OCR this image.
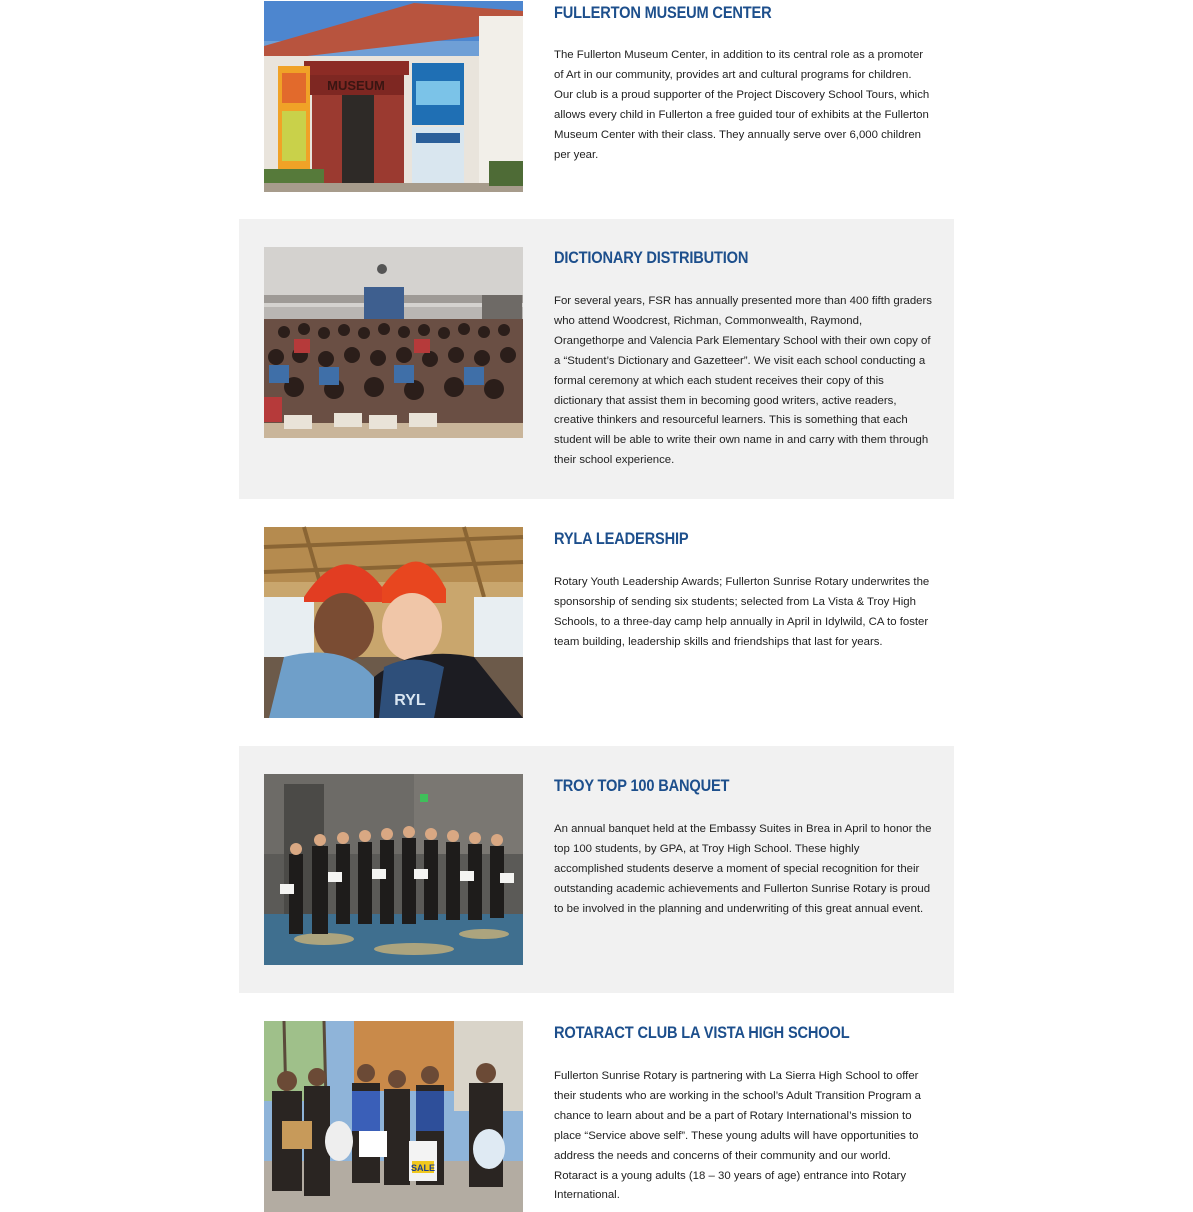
MUSEUM
FULLERTON MUSEUM CENTER

The Fullerton Museum Center, in addition to its central role as a promoter of Art in our community, provides art and cultural programs for children. Our club is a proud supporter of the Project Discovery School Tours, which allows every child in Fullerton a free guided tour of exhibits at the Fullerton Museum Center with their class. They annually serve over 6,000 children per year.

DICTIONARY DISTRIBUTION

For several years, FSR has annually presented more than 400 fifth graders who attend Woodcrest, Richman, Commonwealth, Raymond, Orangethorpe and Valencia Park Elementary School with their own copy of a “Student’s Dictionary and Gazetteer”. We visit each school conducting a formal ceremony at which each student receives their copy of this dictionary that assist them in becoming good writers, active readers, creative thinkers and resourceful learners. This is something that each student will be able to write their own name in and carry with them through their school experience.

RYL
RYLA LEADERSHIP

Rotary Youth Leadership Awards; Fullerton Sunrise Rotary underwrites the sponsorship of sending six students; selected from La Vista & Troy High Schools, to a three-day camp help annually in April in Idylwild, CA to foster team building, leadership skills and friendships that last for years.

TROY TOP 100 BANQUET

An annual banquet held at the Embassy Suites in Brea in April to honor the top 100 students, by GPA, at Troy High School. These highly accomplished students deserve a moment of special recognition for their outstanding academic achievements and Fullerton Sunrise Rotary is proud to be involved in the planning and underwriting of this great annual event.

SALE
ROTARACT CLUB LA VISTA HIGH SCHOOL

Fullerton Sunrise Rotary is partnering with La Sierra High School to offer their students who are working in the school’s Adult Transition Program a chance to learn about and be a part of Rotary International’s mission to place “Service above self”. These young adults will have opportunities to address the needs and concerns of their community and our world. Rotaract is a young adults (18 – 30 years of age) entrance into Rotary International.
